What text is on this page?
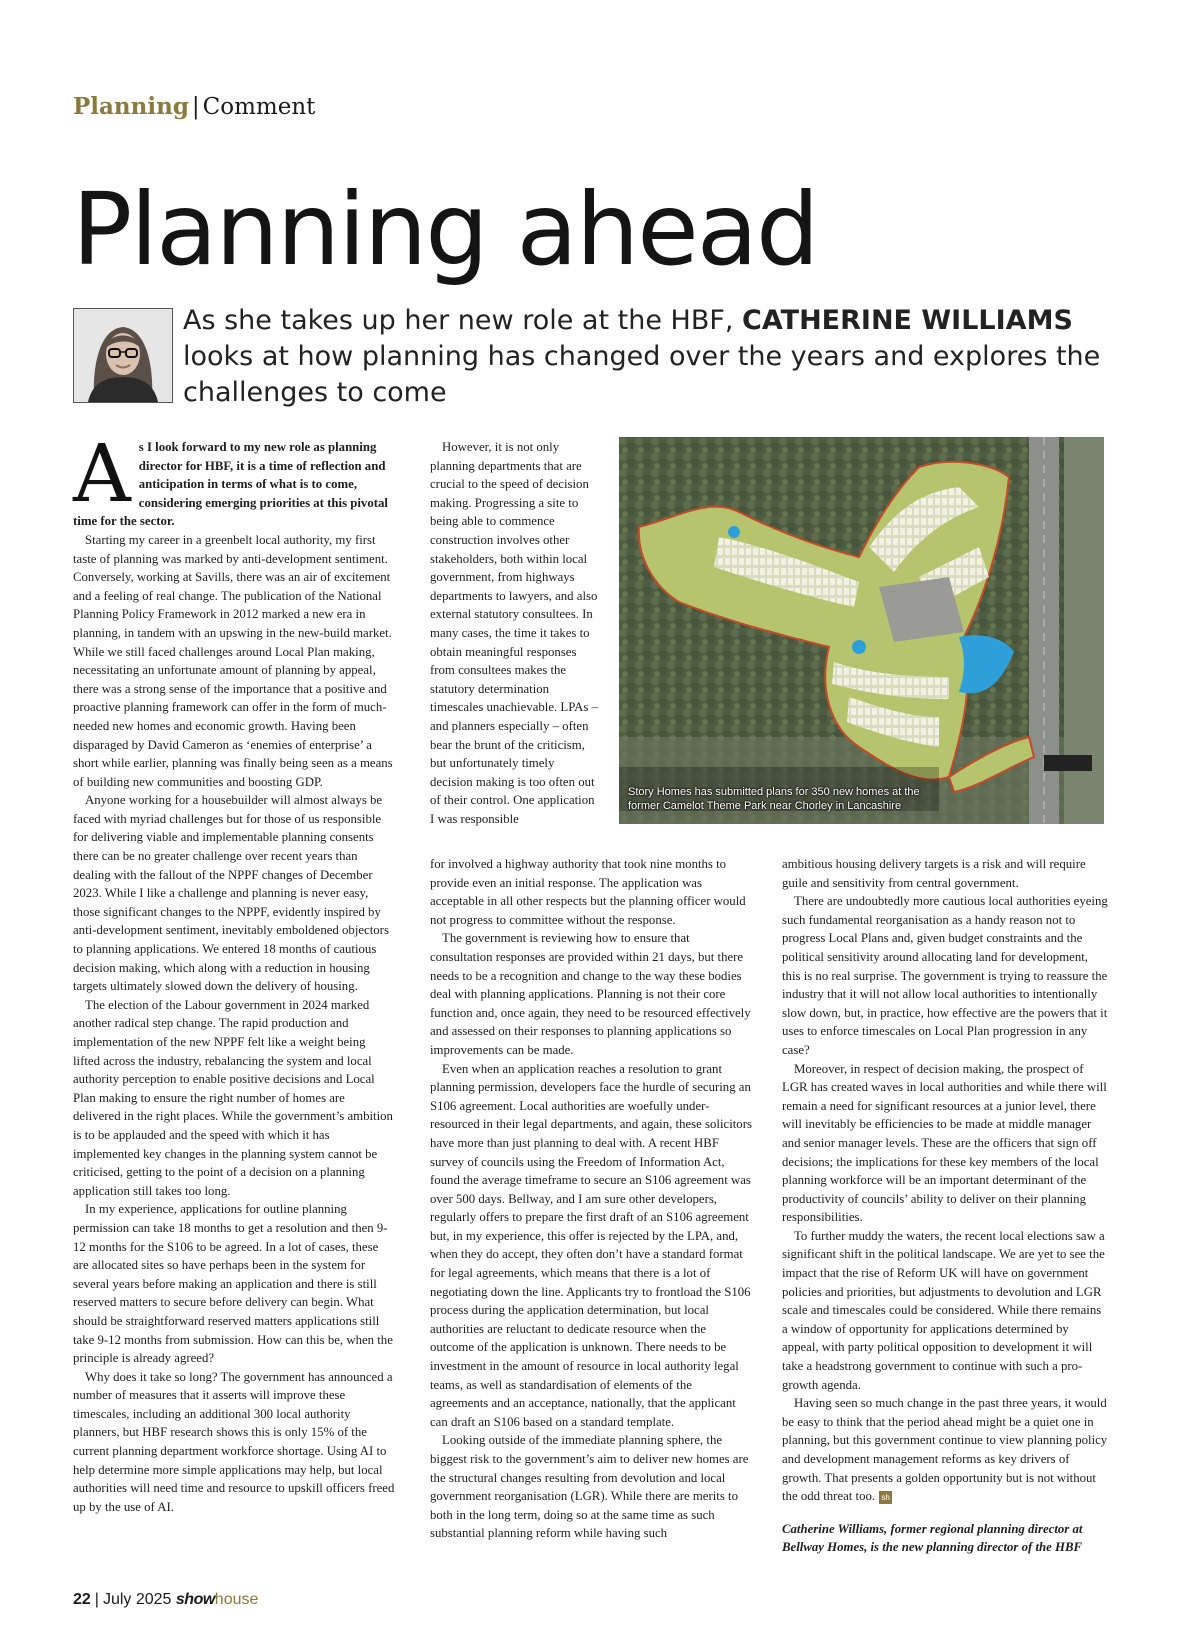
Planning | Comment
Planning ahead
As she takes up her new role at the HBF, CATHERINE WILLIAMS looks at how planning has changed over the years and explores the challenges to come

As I look forward to my new role as planning director for HBF, it is a time of reflection and anticipation in terms of what is to come, considering emerging priorities at this pivotal time for the sector.

Starting my career in a greenbelt local authority, my first taste of planning was marked by anti-development sentiment. Conversely, working at Savills, there was an air of excitement and a feeling of real change. The publication of the National Planning Policy Framework in 2012 marked a new era in planning, in tandem with an upswing in the new-build market. While we still faced challenges around Local Plan making, necessitating an unfortunate amount of planning by appeal, there was a strong sense of the importance that a positive and proactive planning framework can offer in the form of much-needed new homes and economic growth. Having been disparaged by David Cameron as ‘enemies of enterprise’ a short while earlier, planning was finally being seen as a means of building new communities and boosting GDP.

Anyone working for a housebuilder will almost always be faced with myriad challenges but for those of us responsible for delivering viable and implementable planning consents there can be no greater challenge over recent years than dealing with the fallout of the NPPF changes of December 2023. While I like a challenge and planning is never easy, those significant changes to the NPPF, evidently inspired by anti-development sentiment, inevitably emboldened objectors to planning applications. We entered 18 months of cautious decision making, which along with a reduction in housing targets ultimately slowed down the delivery of housing.

The election of the Labour government in 2024 marked another radical step change. The rapid production and implementation of the new NPPF felt like a weight being lifted across the industry, rebalancing the system and local authority perception to enable positive decisions and Local Plan making to ensure the right number of homes are delivered in the right places. While the government’s ambition is to be applauded and the speed with which it has implemented key changes in the planning system cannot be criticised, getting to the point of a decision on a planning application still takes too long.

In my experience, applications for outline planning permission can take 18 months to get a resolution and then 9-12 months for the S106 to be agreed. In a lot of cases, these are allocated sites so have perhaps been in the system for several years before making an application and there is still reserved matters to secure before delivery can begin. What should be straightforward reserved matters applications still take 9-12 months from submission. How can this be, when the principle is already agreed?

Why does it take so long? The government has announced a number of measures that it asserts will improve these timescales, including an additional 300 local authority planners, but HBF research shows this is only 15% of the current planning department workforce shortage. Using AI to help determine more simple applications may help, but local authorities will need time and resource to upskill officers freed up by the use of AI.

However, it is not only planning departments that are crucial to the speed of decision making. Progressing a site to being able to commence construction involves other stakeholders, both within local government, from highways departments to lawyers, and also external statutory consultees. In many cases, the time it takes to obtain meaningful responses from consultees makes the statutory determination timescales unachievable. LPAs – and planners especially – often bear the brunt of the criticism, but unfortunately timely decision making is too often out of their control. One application I was responsible

Story Homes has submitted plans for 350 new homes at the former Camelot Theme Park near Chorley in Lancashire

for involved a highway authority that took nine months to provide even an initial response. The application was acceptable in all other respects but the planning officer would not progress to committee without the response.

The government is reviewing how to ensure that consultation responses are provided within 21 days, but there needs to be a recognition and change to the way these bodies deal with planning applications. Planning is not their core function and, once again, they need to be resourced effectively and assessed on their responses to planning applications so improvements can be made.

Even when an application reaches a resolution to grant planning permission, developers face the hurdle of securing an S106 agreement. Local authorities are woefully under-resourced in their legal departments, and again, these solicitors have more than just planning to deal with. A recent HBF survey of councils using the Freedom of Information Act, found the average timeframe to secure an S106 agreement was over 500 days. Bellway, and I am sure other developers, regularly offers to prepare the first draft of an S106 agreement but, in my experience, this offer is rejected by the LPA, and, when they do accept, they often don’t have a standard format for legal agreements, which means that there is a lot of negotiating down the line. Applicants try to frontload the S106 process during the application determination, but local authorities are reluctant to dedicate resource when the outcome of the application is unknown. There needs to be investment in the amount of resource in local authority legal teams, as well as standardisation of elements of the agreements and an acceptance, nationally, that the applicant can draft an S106 based on a standard template.

Looking outside of the immediate planning sphere, the biggest risk to the government’s aim to deliver new homes are the structural changes resulting from devolution and local government reorganisation (LGR). While there are merits to both in the long term, doing so at the same time as such substantial planning reform while having such

ambitious housing delivery targets is a risk and will require guile and sensitivity from central government.

There are undoubtedly more cautious local authorities eyeing such fundamental reorganisation as a handy reason not to progress Local Plans and, given budget constraints and the political sensitivity around allocating land for development, this is no real surprise. The government is trying to reassure the industry that it will not allow local authorities to intentionally slow down, but, in practice, how effective are the powers that it uses to enforce timescales on Local Plan progression in any case?

Moreover, in respect of decision making, the prospect of LGR has created waves in local authorities and while there will remain a need for significant resources at a junior level, there will inevitably be efficiencies to be made at middle manager and senior manager levels. These are the officers that sign off decisions; the implications for these key members of the local planning workforce will be an important determinant of the productivity of councils’ ability to deliver on their planning responsibilities.

To further muddy the waters, the recent local elections saw a significant shift in the political landscape. We are yet to see the impact that the rise of Reform UK will have on government policies and priorities, but adjustments to devolution and LGR scale and timescales could be considered. While there remains a window of opportunity for applications determined by appeal, with party political opposition to development it will take a headstrong government to continue with such a pro-growth agenda.

Having seen so much change in the past three years, it would be easy to think that the period ahead might be a quiet one in planning, but this government continue to view planning policy and development management reforms as key drivers of growth. That presents a golden opportunity but is not without the odd threat too. sh

Catherine Williams, former regional planning director at Bellway Homes, is the new planning director of the HBF

22 | July 2025 showhouse
